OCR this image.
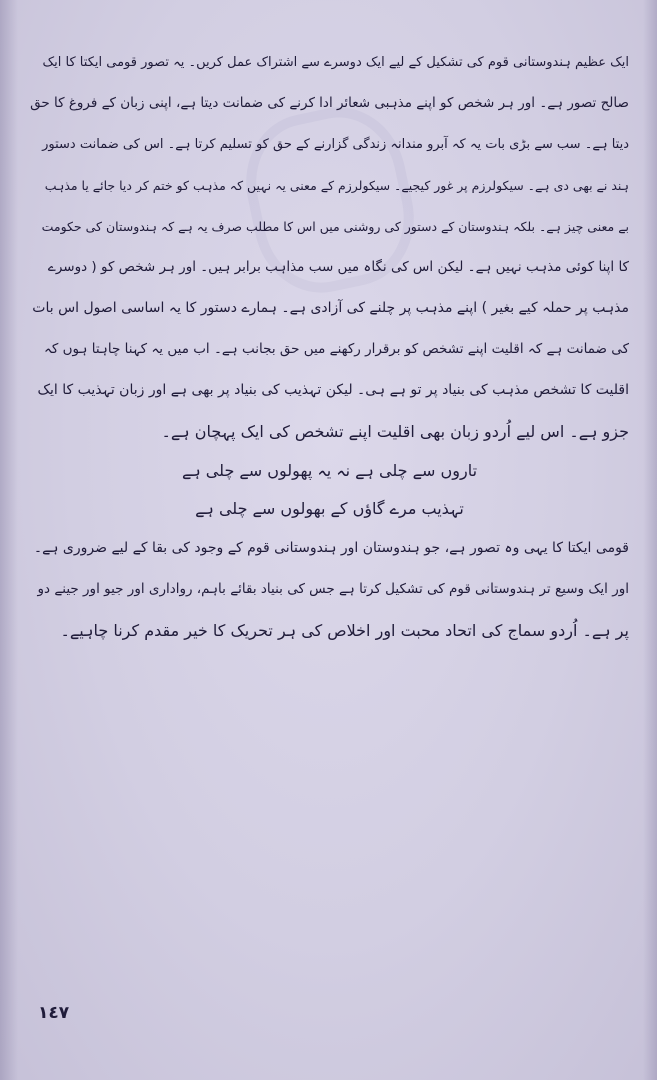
ایک عظیم ہندوستانی قوم کی تشکیل کے لیے ایک دوسرے سے اشتراک عمل کریں۔ یہ تصور قومی ایکتا کا ایک
صالح تصور ہے۔ اور ہر شخص کو اپنے مذہبی شعائر ادا کرنے کی ضمانت دیتا ہے، اپنی زبان کے فروغ کا حق
دیتا ہے۔ سب سے بڑی بات یہ کہ آبرو مندانہ زندگی گزارنے کے حق کو تسلیم کرتا ہے۔ اس کی ضمانت دستور
ہند نے بھی دی ہے۔ سیکولرزم پر غور کیجیے۔ سیکولرزم کے معنی یہ نہیں کہ مذہب کو ختم کر دیا جائے یا مذہب
بے معنی چیز ہے۔ بلکہ ہندوستان کے دستور کی روشنی میں اس کا مطلب صرف یہ ہے کہ ہندوستان کی حکومت
کا اپنا کوئی مذہب نہیں ہے۔ لیکن اس کی نگاہ میں سب مذاہب برابر ہیں۔ اور ہر شخص کو ( دوسرے
مذہب پر حملہ کیے بغیر ) اپنے مذہب پر چلنے کی آزادی ہے۔ ہمارے دستور کا یہ اساسی اصول اس بات
کی ضمانت ہے کہ اقلیت اپنے تشخص کو برقرار رکھنے میں حق بجانب ہے۔ اب میں یہ کہنا چاہتا ہوں کہ
اقلیت کا تشخص مذہب کی بنیاد پر تو ہے ہی۔ لیکن تہذیب کی بنیاد پر بھی ہے اور زبان تہذیب کا ایک
جزو ہے۔ اس لیے اُردو زبان بھی اقلیت اپنے تشخص کی ایک پہچان ہے۔
تاروں سے چلی ہے نہ یہ پھولوں سے چلی ہے
تہذیب مرے گاؤں کے بھولوں سے چلی ہے
قومی ایکتا کا یہی وہ تصور ہے، جو ہندوستان اور ہندوستانی قوم کے وجود کی بقا کے لیے ضروری ہے۔
اور ایک وسیع تر ہندوستانی قوم کی تشکیل کرتا ہے جس کی بنیاد بقائے باہم، رواداری اور جیو اور جینے دو
پر ہے۔ اُردو سماج کی اتحاد محبت اور اخلاص کی ہر تحریک کا خیر مقدم کرنا چاہیے۔
١٤٧
